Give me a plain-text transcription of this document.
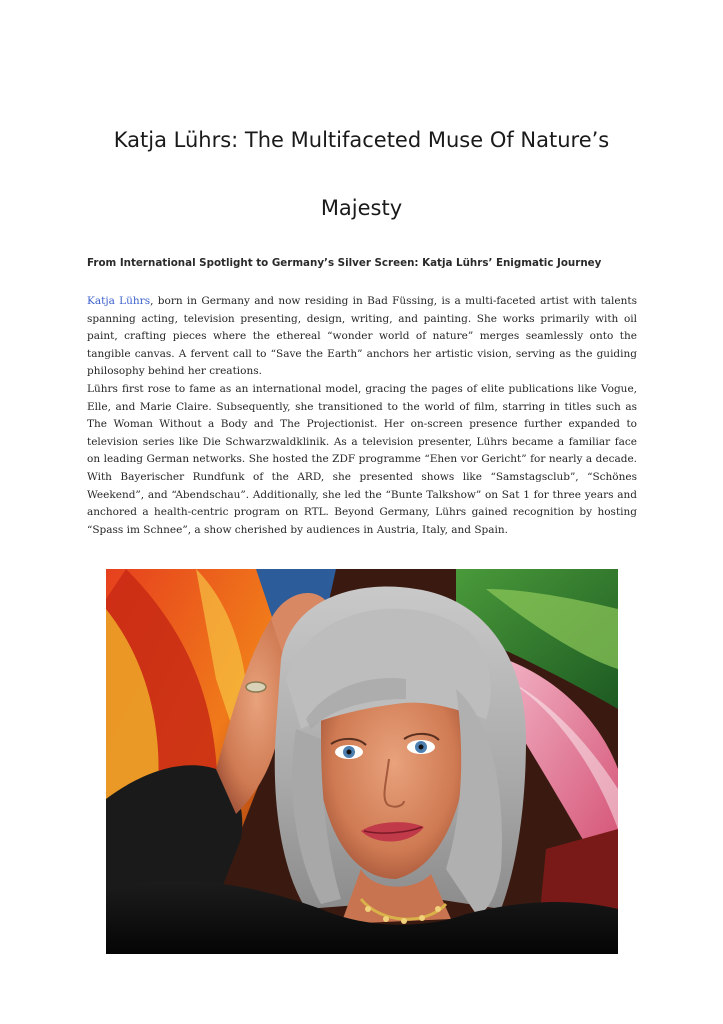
Katja Lührs: The Multifaceted Muse Of Nature’s
Majesty
From International Spotlight to Germany’s Silver Screen: Katja Lührs’ Enigmatic Journey

Katja Lührs, born in Germany and now residing in Bad Füssing, is a multi-faceted artist with talents spanning acting, television presenting, design, writing, and painting. She works primarily with oil paint, crafting pieces where the ethereal “wonder world of nature” merges seamlessly onto the tangible canvas. A fervent call to “Save the Earth” anchors her artistic vision, serving as the guiding philosophy behind her creations.

Lührs first rose to fame as an international model, gracing the pages of elite publications like Vogue, Elle, and Marie Claire. Subsequently, she transitioned to the world of film, starring in titles such as The Woman Without a Body and The Projectionist. Her on-screen presence further expanded to television series like Die Schwarzwaldklinik. As a television presenter, Lührs became a familiar face on leading German networks. She hosted the ZDF programme “Ehen vor Gericht” for nearly a decade. With Bayerischer Rundfunk of the ARD, she presented shows like “Samstagsclub”, “Schönes Weekend”, and “Abendschau”. Additionally, she led the “Bunte Talkshow” on Sat 1 for three years and anchored a health-centric program on RTL. Beyond Germany, Lührs gained recognition by hosting “Spass im Schnee”, a show cherished by audiences in Austria, Italy, and Spain.
